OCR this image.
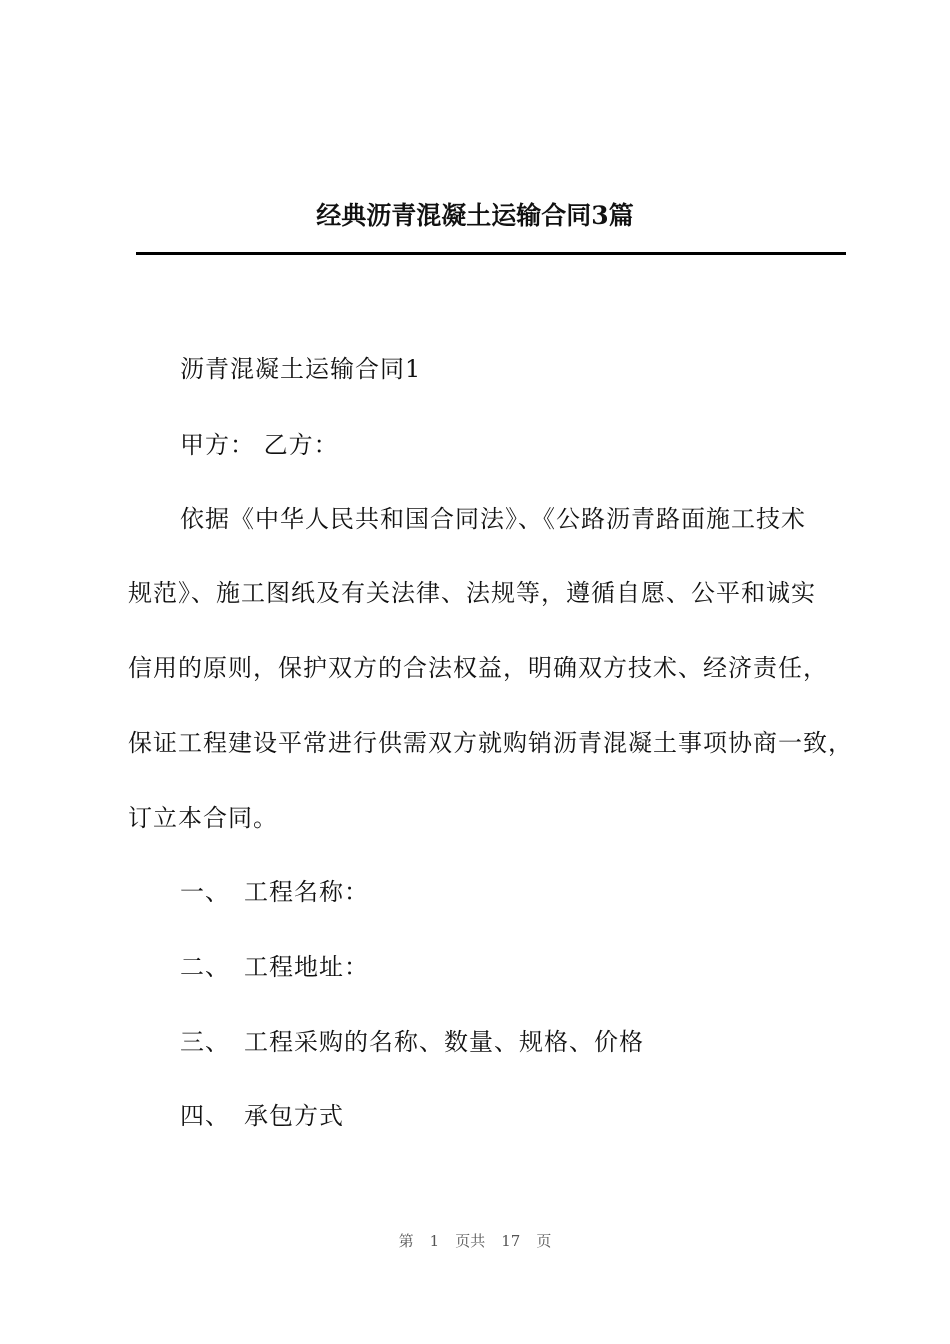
经典沥青混凝土运输合同3篇
沥青混凝土运输合同1
甲方： 乙方：
依据《中华人民共和国合同法》、《公路沥青路面施工技术
规范》、施工图纸及有关法律、法规等，遵循自愿、公平和诚实
信用的原则，保护双方的合法权益，明确双方技术、经济责任，
保证工程建设平常进行供需双方就购销沥青混凝土事项协商一致，
订立本合同。
一、 工程名称：
二、 工程地址：
三、 工程采购的名称、数量、规格、价格
四、 承包方式
第 1 页共 17 页
